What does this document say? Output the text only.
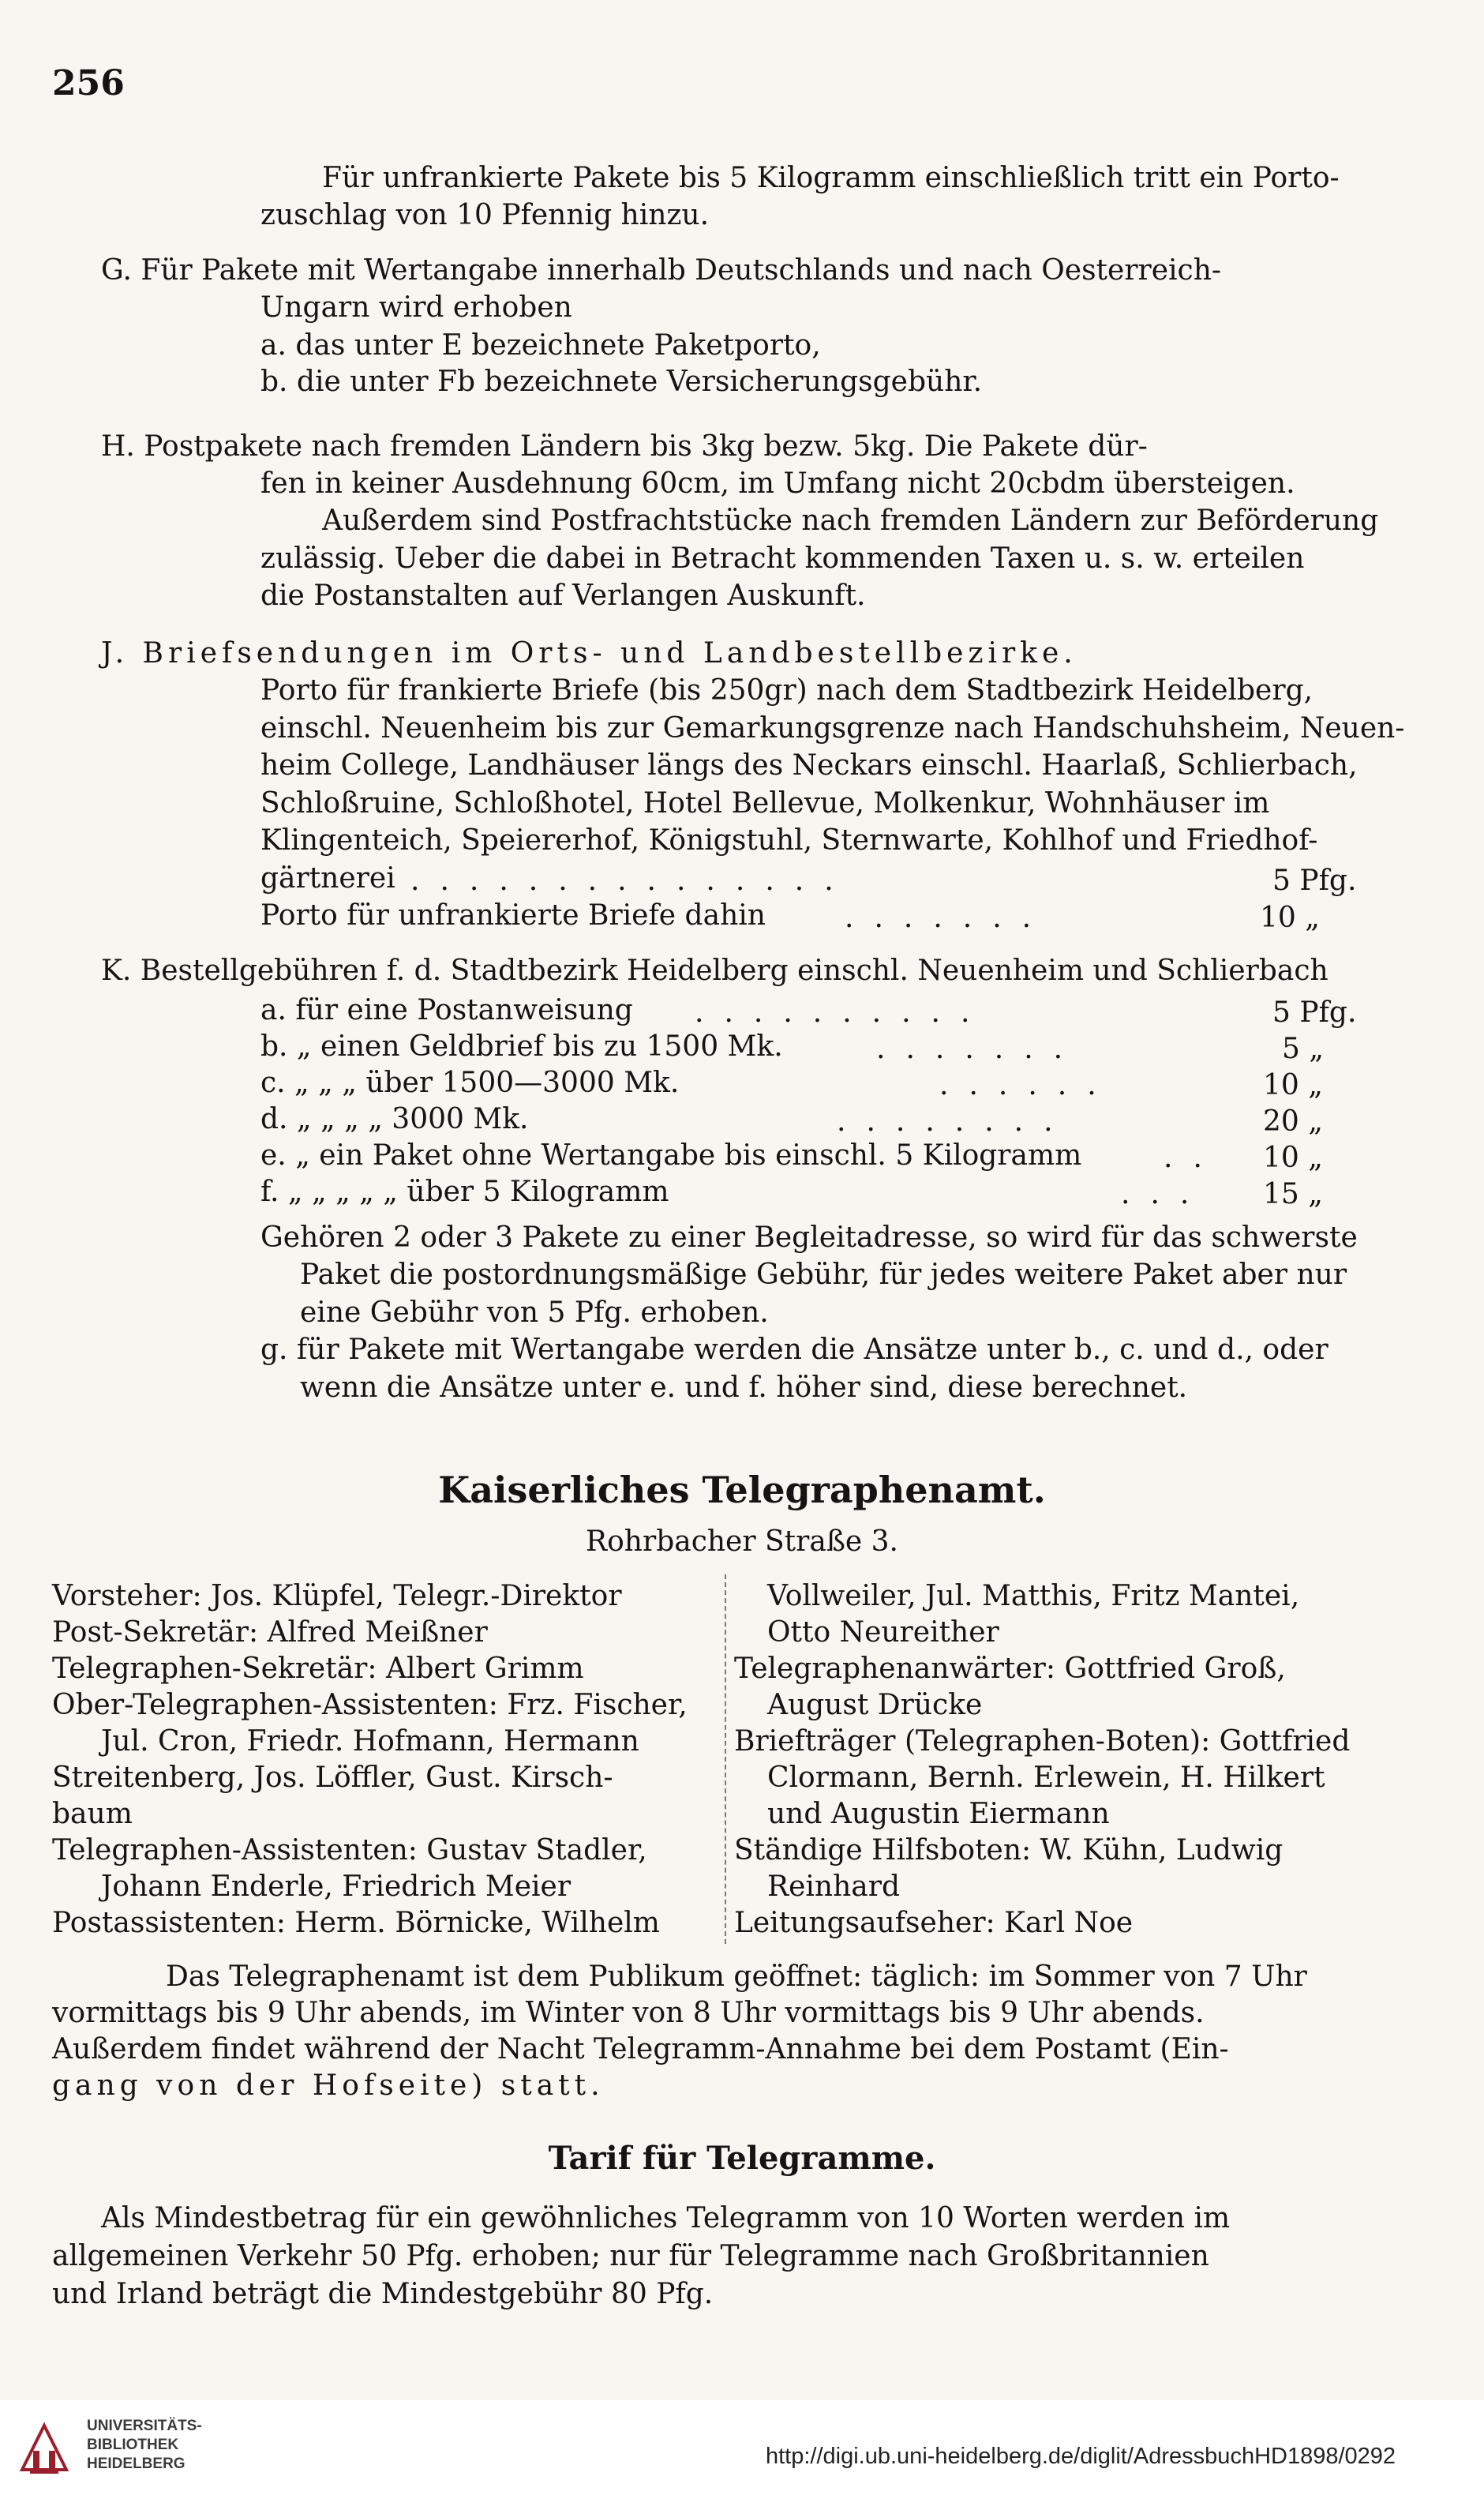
256
Für unfrankierte Pakete bis 5 Kilogramm einschließlich tritt ein Porto-
zuschlag von 10 Pfennig hinzu.
G. Für Pakete mit Wertangabe innerhalb Deutschlands und nach Oesterreich-
Ungarn wird erhoben
a. das unter E bezeichnete Paketporto,
b. die unter Fb bezeichnete Versicherungsgebühr.
H. Postpakete nach fremden Ländern bis 3kg bezw. 5kg. Die Pakete dür-
fen in keiner Ausdehnung 60cm, im Umfang nicht 20cbdm übersteigen.
Außerdem sind Postfrachtstücke nach fremden Ländern zur Beförderung
zulässig. Ueber die dabei in Betracht kommenden Taxen u. s. w. erteilen
die Postanstalten auf Verlangen Auskunft.
J. Briefsendungen im Orts- und Landbestellbezirke.
Porto für frankierte Briefe (bis 250gr) nach dem Stadtbezirk Heidelberg,
einschl. Neuenheim bis zur Gemarkungsgrenze nach Handschuhsheim, Neuen-
heim College, Landhäuser längs des Neckars einschl. Haarlaß, Schlierbach,
Schloßruine, Schloßhotel, Hotel Bellevue, Molkenkur, Wohnhäuser im
Klingenteich, Speiererhof, Königstuhl, Sternwarte, Kohlhof und Friedhof-
gärtnerei ...............	5 Pfg.
Porto für unfrankierte Briefe dahin	.......	10 „
K. Bestellgebühren f. d. Stadtbezirk Heidelberg einschl. Neuenheim und Schlierbach
a. für eine Postanweisung ..........	5 Pfg.
b. „ einen Geldbrief bis zu 1500 Mk.	.......	5 „
c. „ „ „ über 1500—3000 Mk.	......	10 „
d. „ „ „ „ 3000 Mk.	........	20 „
e. „ ein Paket ohne Wertangabe bis einschl. 5 Kilogramm	.. 10 „
f. „ „ „ „ „ über 5 Kilogramm	... 15 „
Gehören 2 oder 3 Pakete zu einer Begleitadresse, so wird für das schwerste
Paket die postordnungsmäßige Gebühr, für jedes weitere Paket aber nur
eine Gebühr von 5 Pfg. erhoben.
g. für Pakete mit Wertangabe werden die Ansätze unter b., c. und d., oder
wenn die Ansätze unter e. und f. höher sind, diese berechnet.
Kaiserliches Telegraphenamt.
Rohrbacher Straße 3.
Vorsteher: Jos. Klüpfel, Telegr.-Direktor
Post-Sekretär: Alfred Meißner
Telegraphen-Sekretär: Albert Grimm
Ober-Telegraphen-Assistenten: Frz. Fischer,
Jul. Cron, Friedr. Hofmann, Hermann
Streitenberg, Jos. Löffler, Gust. Kirsch-
baum
Telegraphen-Assistenten: Gustav Stadler,
Johann Enderle, Friedrich Meier
Postassistenten: Herm. Börnicke, Wilhelm
Vollweiler, Jul. Matthis, Fritz Mantei,
Otto Neureither
Telegraphenanwärter: Gottfried Groß,
August Drücke
Briefträger (Telegraphen-Boten): Gottfried
Clormann, Bernh. Erlewein, H. Hilkert
und Augustin Eiermann
Ständige Hilfsboten: W. Kühn, Ludwig
Reinhard
Leitungsaufseher: Karl Noe
Das Telegraphenamt ist dem Publikum geöffnet: täglich: im Sommer von 7 Uhr
vormittags bis 9 Uhr abends, im Winter von 8 Uhr vormittags bis 9 Uhr abends.
Außerdem findet während der Nacht Telegramm-Annahme bei dem Postamt (Ein-
gang von der Hofseite) statt.
Tarif für Telegramme.
Als Mindestbetrag für ein gewöhnliches Telegramm von 10 Worten werden im
allgemeinen Verkehr 50 Pfg. erhoben; nur für Telegramme nach Großbritannien
und Irland beträgt die Mindestgebühr 80 Pfg.
UNIVERSITÄTS-
BIBLIOTHEK
HEIDELBERG	http://digi.ub.uni-heidelberg.de/diglit/AdressbuchHD1898/0292
